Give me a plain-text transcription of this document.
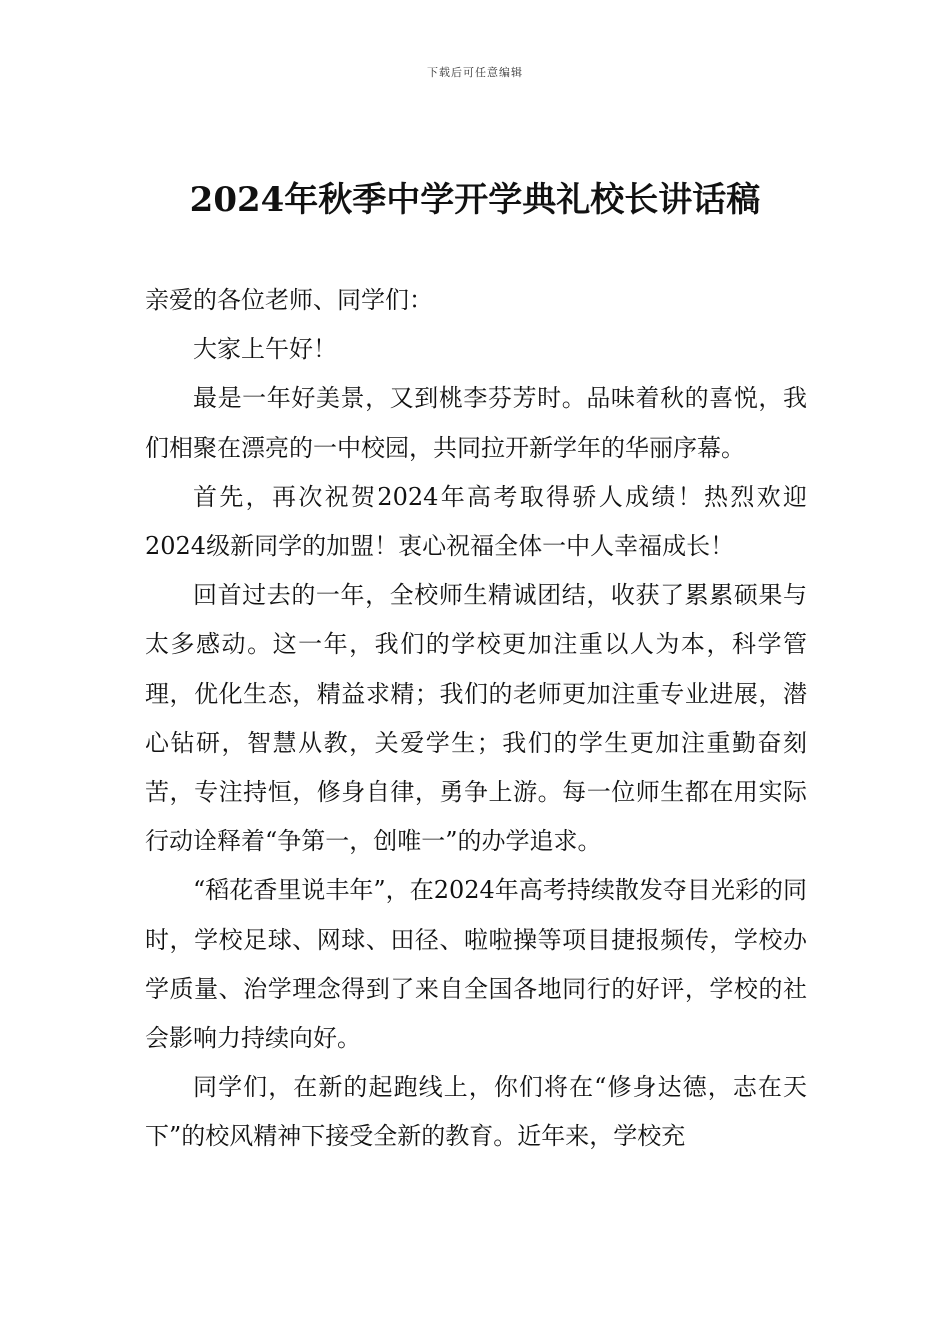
下载后可任意编辑
2024年秋季中学开学典礼校长讲话稿

亲爱的各位老师、同学们：

大家上午好！

最是一年好美景，又到桃李芬芳时。品味着秋的喜悦，我们相聚在漂亮的一中校园，共同拉开新学年的华丽序幕。

首先，再次祝贺2024年高考取得骄人成绩！热烈欢迎2024级新同学的加盟！衷心祝福全体一中人幸福成长！

回首过去的一年，全校师生精诚团结，收获了累累硕果与太多感动。这一年，我们的学校更加注重以人为本，科学管理，优化生态，精益求精；我们的老师更加注重专业进展，潜心钻研，智慧从教，关爱学生；我们的学生更加注重勤奋刻苦，专注持恒，修身自律，勇争上游。每一位师生都在用实际行动诠释着“争第一，创唯一”的办学追求。

“稻花香里说丰年”，在2024年高考持续散发夺目光彩的同时，学校足球、网球、田径、啦啦操等项目捷报频传，学校办学质量、治学理念得到了来自全国各地同行的好评，学校的社会影响力持续向好。

同学们，在新的起跑线上，你们将在“修身达德，志在天下”的校风精神下接受全新的教育。近年来，学校充
